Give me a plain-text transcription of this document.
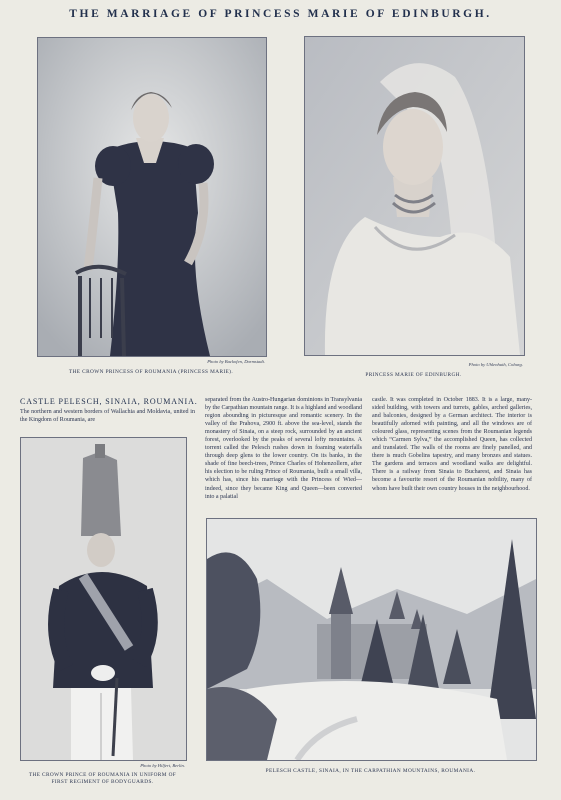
THE MARRIAGE OF PRINCESS MARIE OF EDINBURGH.
Photo by Backofen, Darmstadt.
THE CROWN PRINCESS OF ROUMANIA (PRINCESS MARIE).
Photo by Uhlenhuth, Coburg.
PRINCESS MARIE OF EDINBURGH.
CASTLE PELESCH, SINAIA, ROUMANIA.
The northern and western borders of Wallachia and Moldavia, united in the Kingdom of Roumania, are
separated from the Austro-Hungarian dominions in Transylvania by the Carpathian mountain range. It is a highland and woodland region abounding in picturesque and romantic scenery. In the valley of the Prahova, 2900 ft. above the sea-level, stands the monastery of Sinaia, on a steep rock, surrounded by an ancient forest, overlooked by the peaks of several lofty mountains. A torrent called the Pelesch rushes down in foaming waterfalls through deep glens to the lower country. On its banks, in the shade of fine beech-trees, Prince Charles of Hohenzollern, after his election to be ruling Prince of Roumania, built a small villa, which has, since his marriage with the Princess of Wied—indeed, since they became King and Queen—been converted into a palatial
castle. It was completed in October 1883. It is a large, many-sided building, with towers and turrets, gables, arched galleries, and balconies, designed by a German architect. The interior is beautifully adorned with painting, and all the windows are of coloured glass, representing scenes from the Roumanian legends which “Carmen Sylva,” the accomplished Queen, has collected and translated. The walls of the rooms are finely panelled, and there is much Gobelins tapestry, and many bronzes and statues. The gardens and terraces and woodland walks are delightful. There is a railway from Sinaia to Bucharest, and Sinaia has become a favourite resort of the Roumanian nobility, many of whom have built their own country houses in the neighbourhood.
Photo by Hilfert, Berlin.
THE CROWN PRINCE OF ROUMANIA IN UNIFORM OF FIRST REGIMENT OF BODYGUARDS.
PELESCH CASTLE, SINAIA, IN THE CARPATHIAN MOUNTAINS, ROUMANIA.
